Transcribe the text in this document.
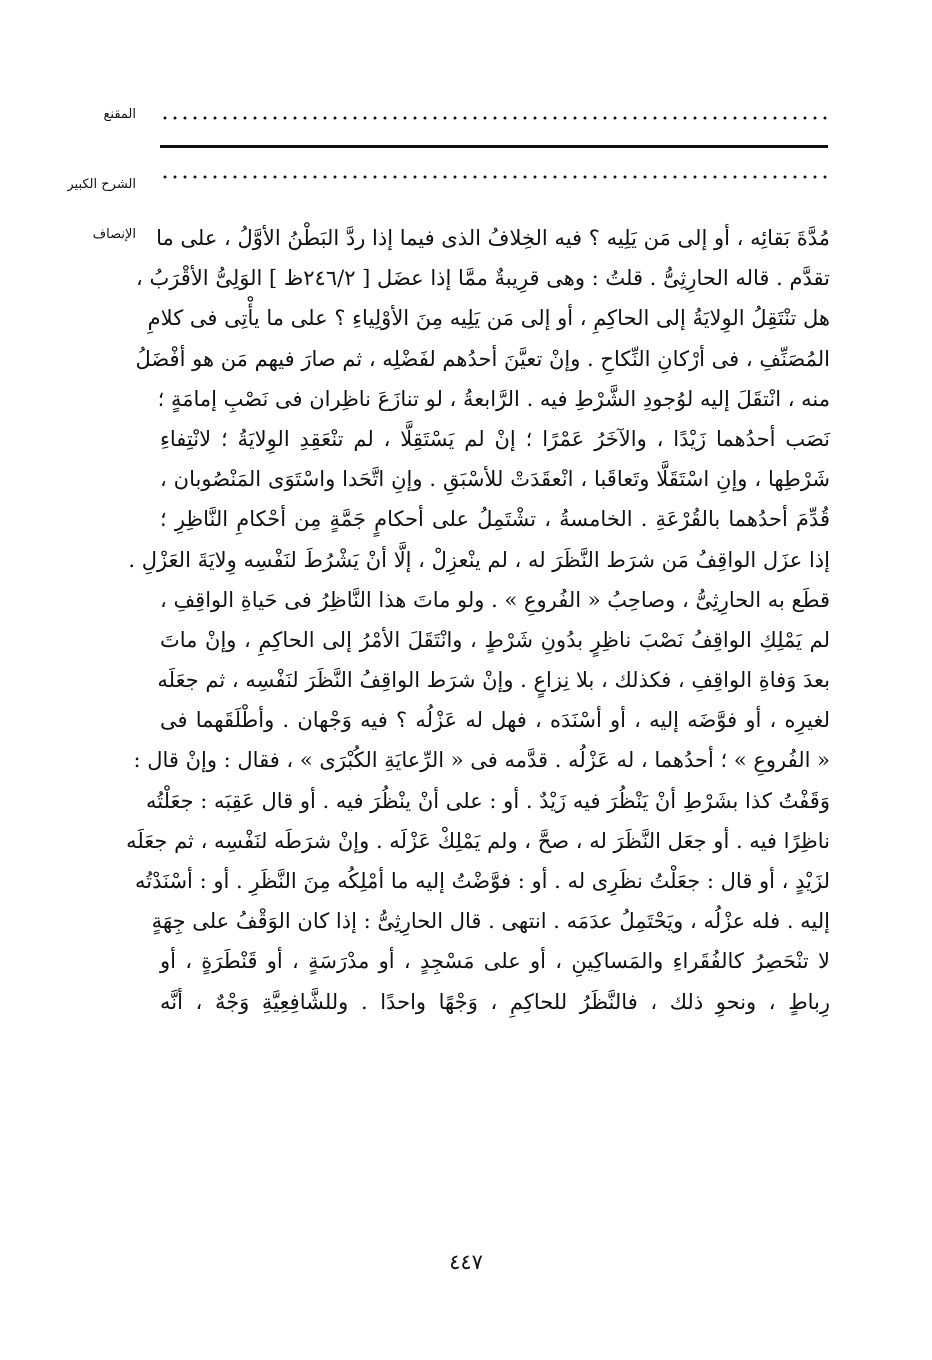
المقنع
الشرح الكبير
الإنصاف مُدَّةَ بَقائِه ، أو إلى مَن يَلِيه ؟ فيه الخِلافُ الذى فيما إذا ردَّ البَطْنُ الأوَّلُ ، على ما
تقدَّم . قاله الحارِثِىُّ . قلتُ : وهى قرِيبةٌ ممَّا إذا عضَل [ ٢٤٦/٢ظ ] الوَلِىُّ الأقْرَبُ ،
هل تنْتَقِلُ الوِلايَةُ إلى الحاكِمِ ، أو إلى مَن يَلِيه مِنَ الأوْلِياءِ ؟ على ما يأْتِى فى كلامِ
المُصَنِّفِ ، فى أرْكانِ النِّكاحِ . وإنْ تعيَّنَ أحدُهم لفَضْلِه ، ثم صارَ فيهم مَن هو أفْضَلُ
منه ، انْتقَلَ إليه لوُجودِ الشَّرْطِ فيه . الرَّابعةُ ، لو تنازَعَ ناظِران فى نَصْبِ إمامَةٍ ؛
نَصَب أحدُهما زَيْدًا ، والآخَرُ عَمْرًا ؛ إنْ لم يَسْتَقِلَّا ، لم تنْعَقِدِ الوِلايَةُ ؛ لانْتِفاءِ
شَرْطِها ، وإنِ اسْتَقَلَّا وتَعاقَبا ، انْعقَدَتْ للأسْبَقِ . وإنِ اتَّحَدا واسْتَوَى المَنْصُوبان ،
قُدِّمَ أحدُهما بالقُرْعَةِ . الخامسةُ ، تشْتَمِلُ على أحكامٍ جَمَّةٍ مِن أحْكامِ النَّاظِرِ ؛
إذا عزَل الواقِفُ مَن شرَط النَّظَرَ له ، لم ينْعزِلْ ، إلَّا أنْ يَشْرُطَ لنَفْسِه وِلايَةَ العَزْلِ .
قطَع به الحارِثِىُّ ، وصاحِبُ « الفُروعِ » . ولو ماتَ هذا النَّاظِرُ فى حَياةِ الواقِفِ ،
لم يَمْلِكِ الواقِفُ نَصْبَ ناظِرٍ بدُونِ شَرْطٍ ، وانْتَقَلَ الأمْرُ إلى الحاكِمِ ، وإنْ ماتَ
بعدَ وَفاةِ الواقِفِ ، فكذلك ، بلا نِزاعٍ . وإنْ شرَط الواقِفُ النَّظَرَ لنَفْسِه ، ثم جعَلَه
لغيرِه ، أو فوَّضَه إليه ، أو أسْنَدَه ، فهل له عَزْلُه ؟ فيه وَجْهان . وأطْلَقَهما فى
« الفُروعِ » ؛ أحدُهما ، له عَزْلُه . قدَّمه فى « الرِّعايَةِ الكُبْرَى » ، فقال : وإنْ قال :
وَقَفْتُ كذا بشَرْطِ أنْ يَنْظُرَ فيه زَيْدٌ . أو : على أنْ ينْظُرَ فيه . أو قال عَقِبَه : جعَلْتُه
ناظِرًا فيه . أو جعَل النَّظَرَ له ، صحَّ ، ولم يَمْلِكْ عَزْلَه . وإنْ شرَطَه لنَفْسِه ، ثم جعَلَه
لزَيْدٍ ، أو قال : جعَلْتُ نظَرِى له . أو : فوَّضْتُ إليه ما أمْلِكُه مِنَ النَّظَرِ . أو : أسْنَدْتُه
إليه . فله عزْلُه ، ويَحْتَمِلُ عدَمَه . انتهى . قال الحارِثِىُّ : إذا كان الوَقْفُ على جِهَةٍ
لا تنْحَصِرُ كالفُقَراءِ والمَساكِينِ ، أو على مَسْجِدٍ ، أو مدْرَسَةٍ ، أو قَنْطَرَةٍ ، أو
رِباطٍ ، ونحوِ ذلك ، فالنَّظَرُ للحاكِمِ ، وَجْهًا واحدًا . وللشَّافِعِيَّةِ وَجْهٌ ، أنَّه
٤٤٧
